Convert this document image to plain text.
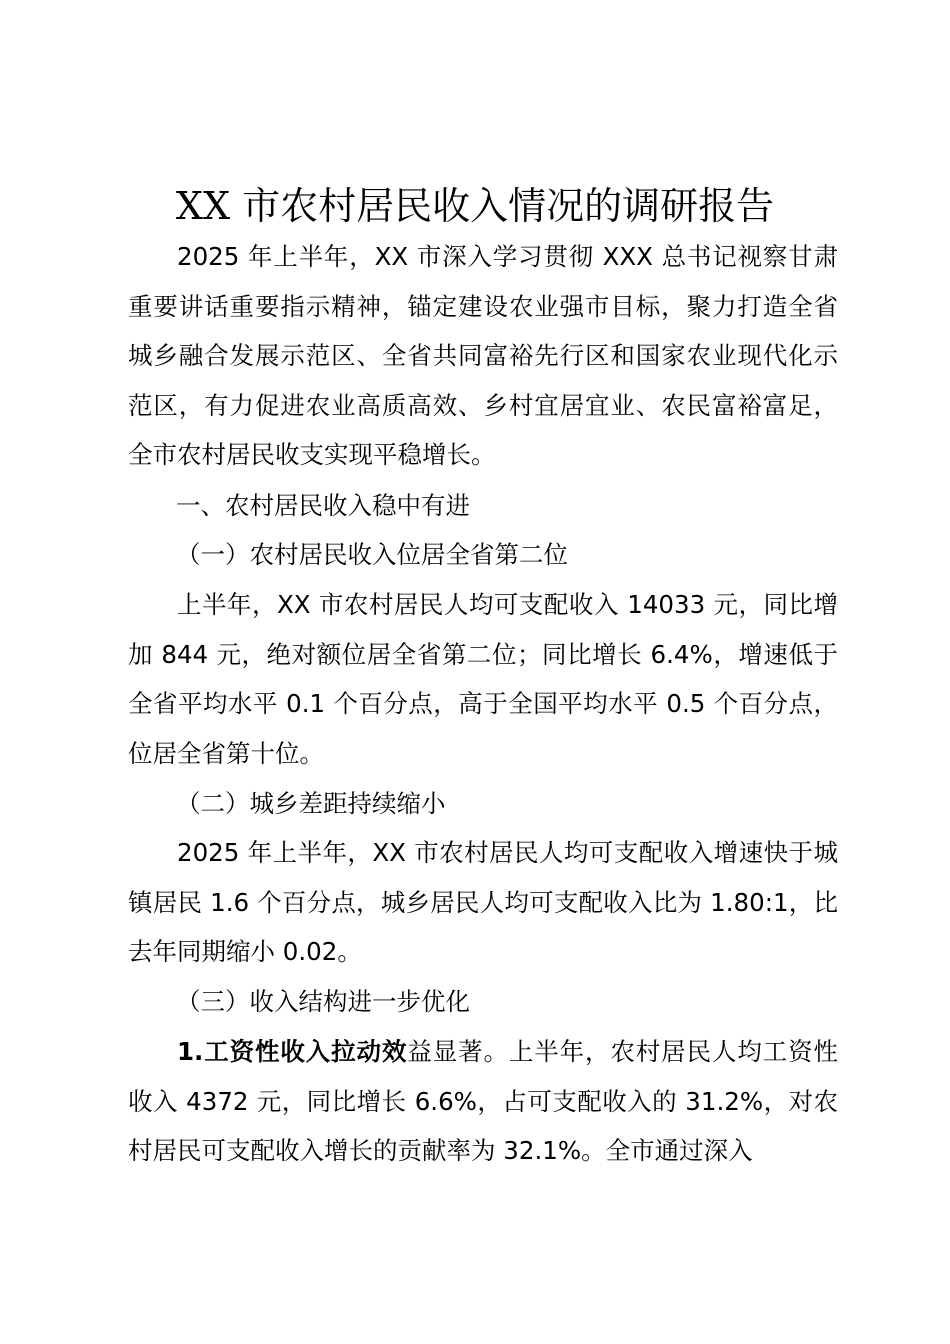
XX 市农村居民收入情况的调研报告
2025 年上半年，XX 市深入学习贯彻 XXX 总书记视察甘肃重要讲话重要指示精神，锚定建设农业强市目标，聚力打造全省城乡融合发展示范区、全省共同富裕先行区和国家农业现代化示范区，有力促进农业高质高效、乡村宜居宜业、农民富裕富足，全市农村居民收支实现平稳增长。
一、农村居民收入稳中有进
（一）农村居民收入位居全省第二位
上半年，XX 市农村居民人均可支配收入 14033 元，同比增加 844 元，绝对额位居全省第二位；同比增长 6.4%，增速低于全省平均水平 0.1 个百分点，高于全国平均水平 0.5 个百分点，位居全省第十位。
（二）城乡差距持续缩小
2025 年上半年，XX 市农村居民人均可支配收入增速快于城镇居民 1.6 个百分点，城乡居民人均可支配收入比为 1.80:1，比去年同期缩小 0.02。
（三）收入结构进一步优化
1.工资性收入拉动效益显著。上半年，农村居民人均工资性收入 4372 元，同比增长 6.6%，占可支配收入的 31.2%，对农村居民可支配收入增长的贡献率为 32.1%。全市通过深入
